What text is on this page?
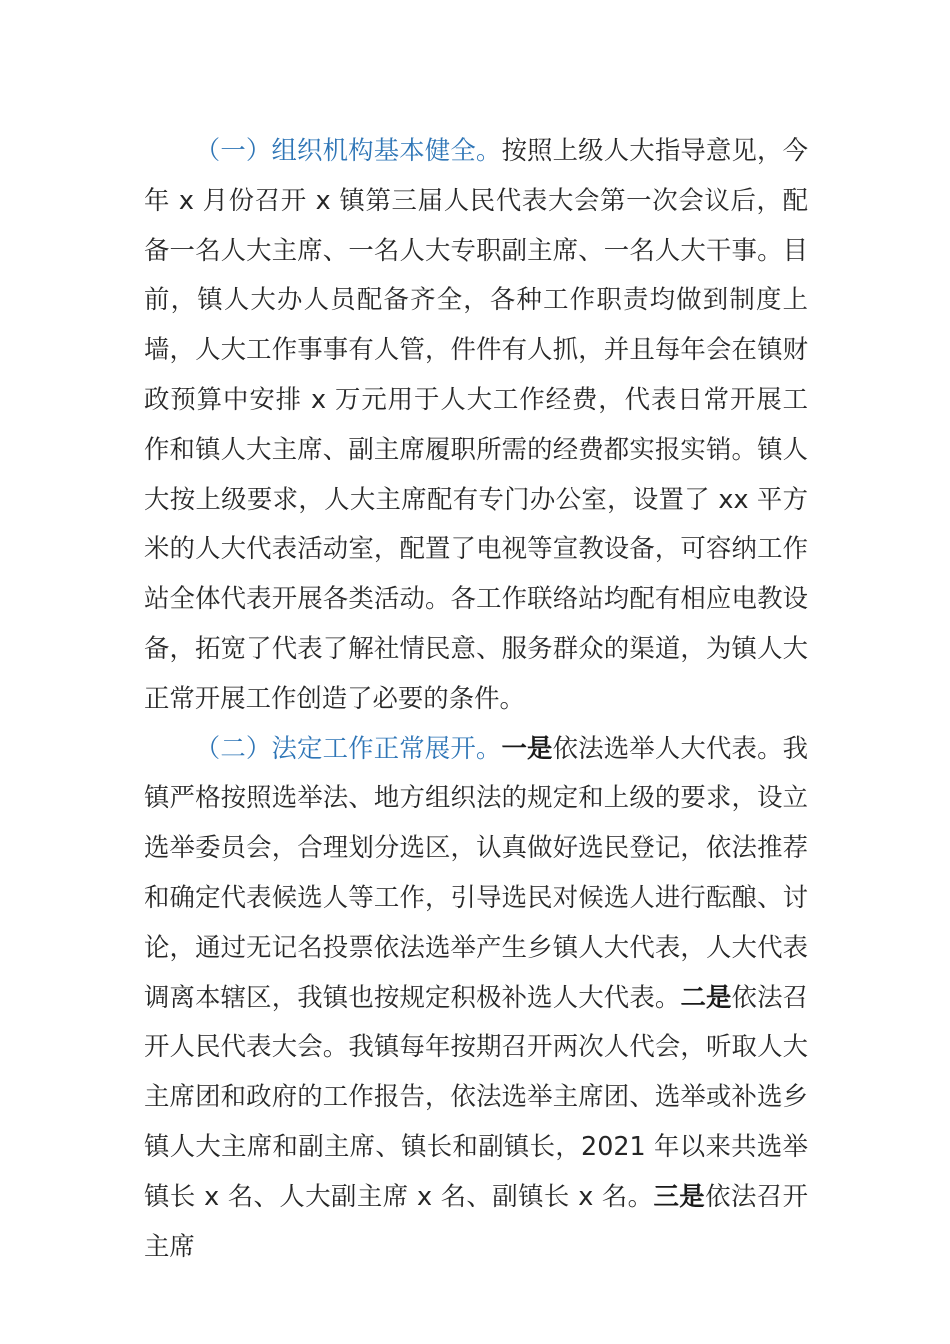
（一）组织机构基本健全。按照上级人大指导意见，今年 x 月份召开 x 镇第三届人民代表大会第一次会议后，配备一名人大主席、一名人大专职副主席、一名人大干事。目前，镇人大办人员配备齐全，各种工作职责均做到制度上墙，人大工作事事有人管，件件有人抓，并且每年会在镇财政预算中安排 x 万元用于人大工作经费，代表日常开展工作和镇人大主席、副主席履职所需的经费都实报实销。镇人大按上级要求，人大主席配有专门办公室，设置了 xx 平方米的人大代表活动室，配置了电视等宣教设备，可容纳工作站全体代表开展各类活动。各工作联络站均配有相应电教设备，拓宽了代表了解社情民意、服务群众的渠道，为镇人大正常开展工作创造了必要的条件。

（二）法定工作正常展开。一是依法选举人大代表。我镇严格按照选举法、地方组织法的规定和上级的要求，设立选举委员会，合理划分选区，认真做好选民登记，依法推荐和确定代表候选人等工作，引导选民对候选人进行酝酿、讨论，通过无记名投票依法选举产生乡镇人大代表，人大代表调离本辖区，我镇也按规定积极补选人大代表。二是依法召开人民代表大会。我镇每年按期召开两次人代会，听取人大主席团和政府的工作报告，依法选举主席团、选举或补选乡镇人大主席和副主席、镇长和副镇长，2021 年以来共选举镇长 x 名、人大副主席 x 名、副镇长 x 名。三是依法召开主席
